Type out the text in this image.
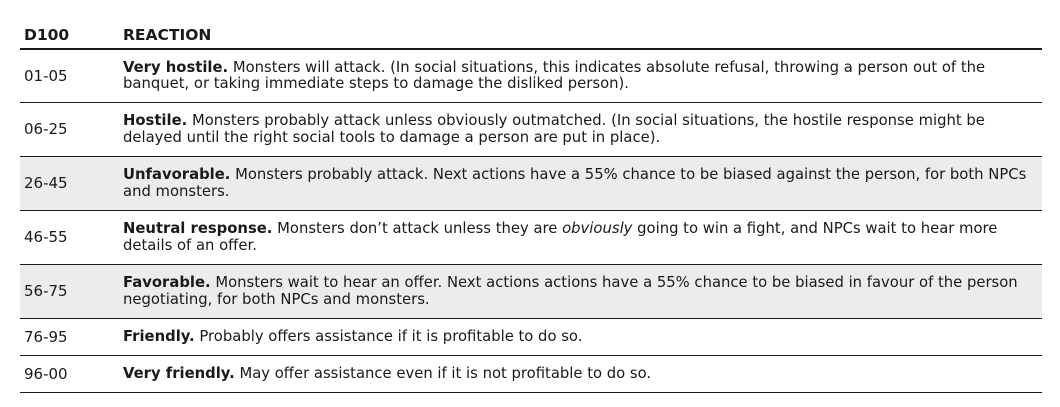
D100	REACTION
01-05	Very hostile. Monsters will attack. (In social situations, this indicates absolute refusal, throwing a person out of the banquet, or taking immediate steps to damage the disliked person).
06-25	Hostile. Monsters probably attack unless obviously outmatched. (In social situations, the hostile response might be delayed until the right social tools to damage a person are put in place).
26-45	Unfavorable. Monsters probably attack. Next actions have a 55% chance to be biased against the person, for both NPCs and monsters.
46-55	Neutral response. Monsters don’t attack unless they are obviously going to win a fight, and NPCs wait to hear more details of an offer.
56-75	Favorable. Monsters wait to hear an offer. Next actions actions have a 55% chance to be biased in favour of the person negotiating, for both NPCs and monsters.
76-95	Friendly. Probably offers assistance if it is profitable to do so.
96-00	Very friendly. May offer assistance even if it is not profitable to do so.
